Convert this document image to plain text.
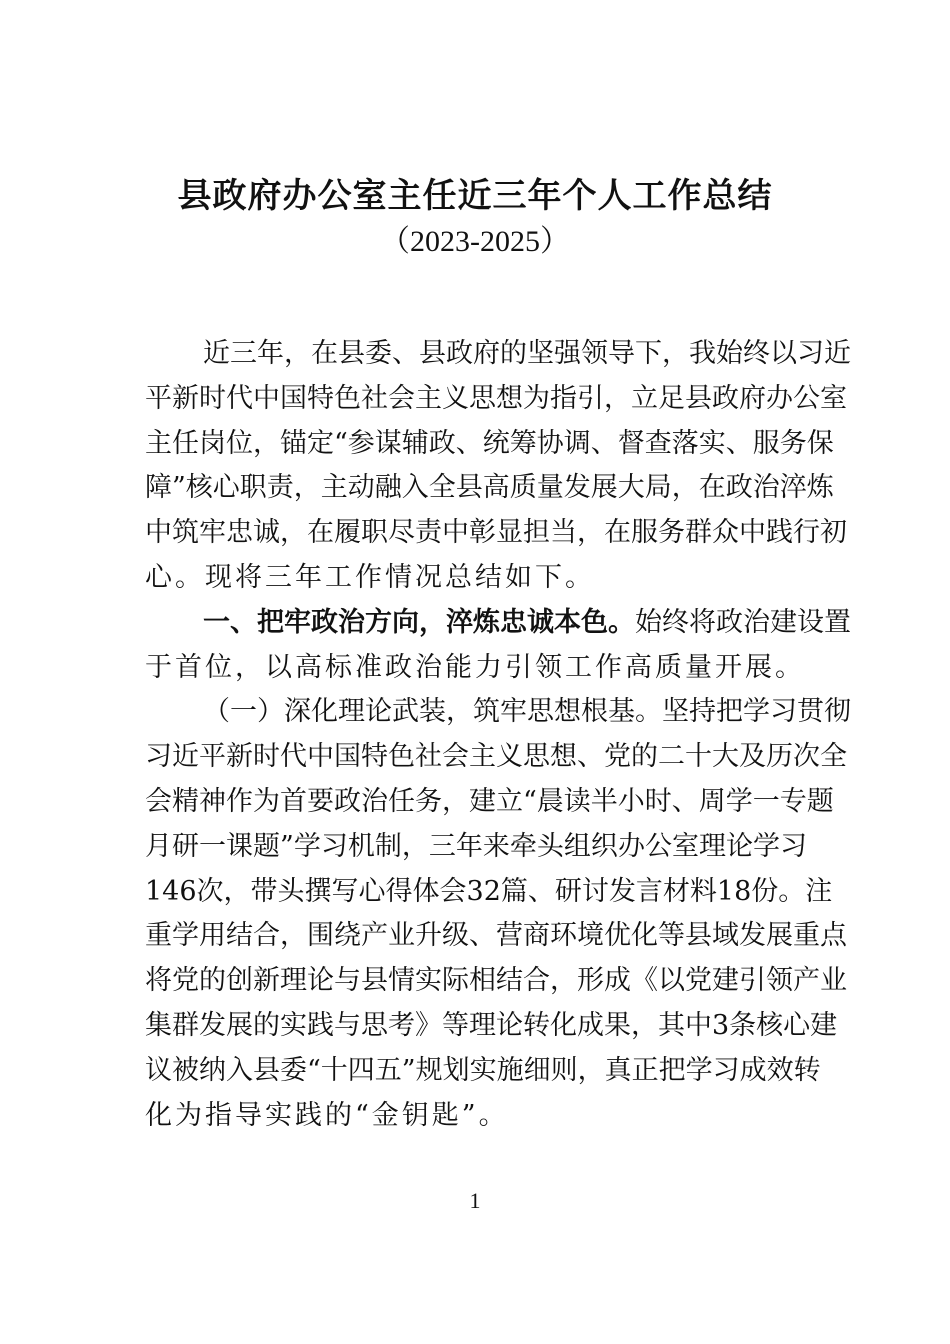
县政府办公室主任近三年个人工作总结
（2023-2025）
近三年，在县委、县政府的坚强领导下，我始终以习近
平新时代中国特色社会主义思想为指引，立足县政府办公室
主任岗位，锚定“参谋辅政、统筹协调、督查落实、服务保
障”核心职责，主动融入全县高质量发展大局，在政治淬炼
中筑牢忠诚，在履职尽责中彰显担当，在服务群众中践行初
心。现将三年工作情况总结如下。
一、把牢政治方向，淬炼忠诚本色。始终将政治建设置
于首位，以高标准政治能力引领工作高质量开展。
（一）深化理论武装，筑牢思想根基。坚持把学习贯彻
习近平新时代中国特色社会主义思想、党的二十大及历次全
会精神作为首要政治任务，建立“晨读半小时、周学一专题
月研一课题”学习机制，三年来牵头组织办公室理论学习
146次，带头撰写心得体会32篇、研讨发言材料18份。注
重学用结合，围绕产业升级、营商环境优化等县域发展重点
将党的创新理论与县情实际相结合，形成《以党建引领产业
集群发展的实践与思考》等理论转化成果，其中3条核心建
议被纳入县委“十四五”规划实施细则，真正把学习成效转
化为指导实践的“金钥匙”。
1
